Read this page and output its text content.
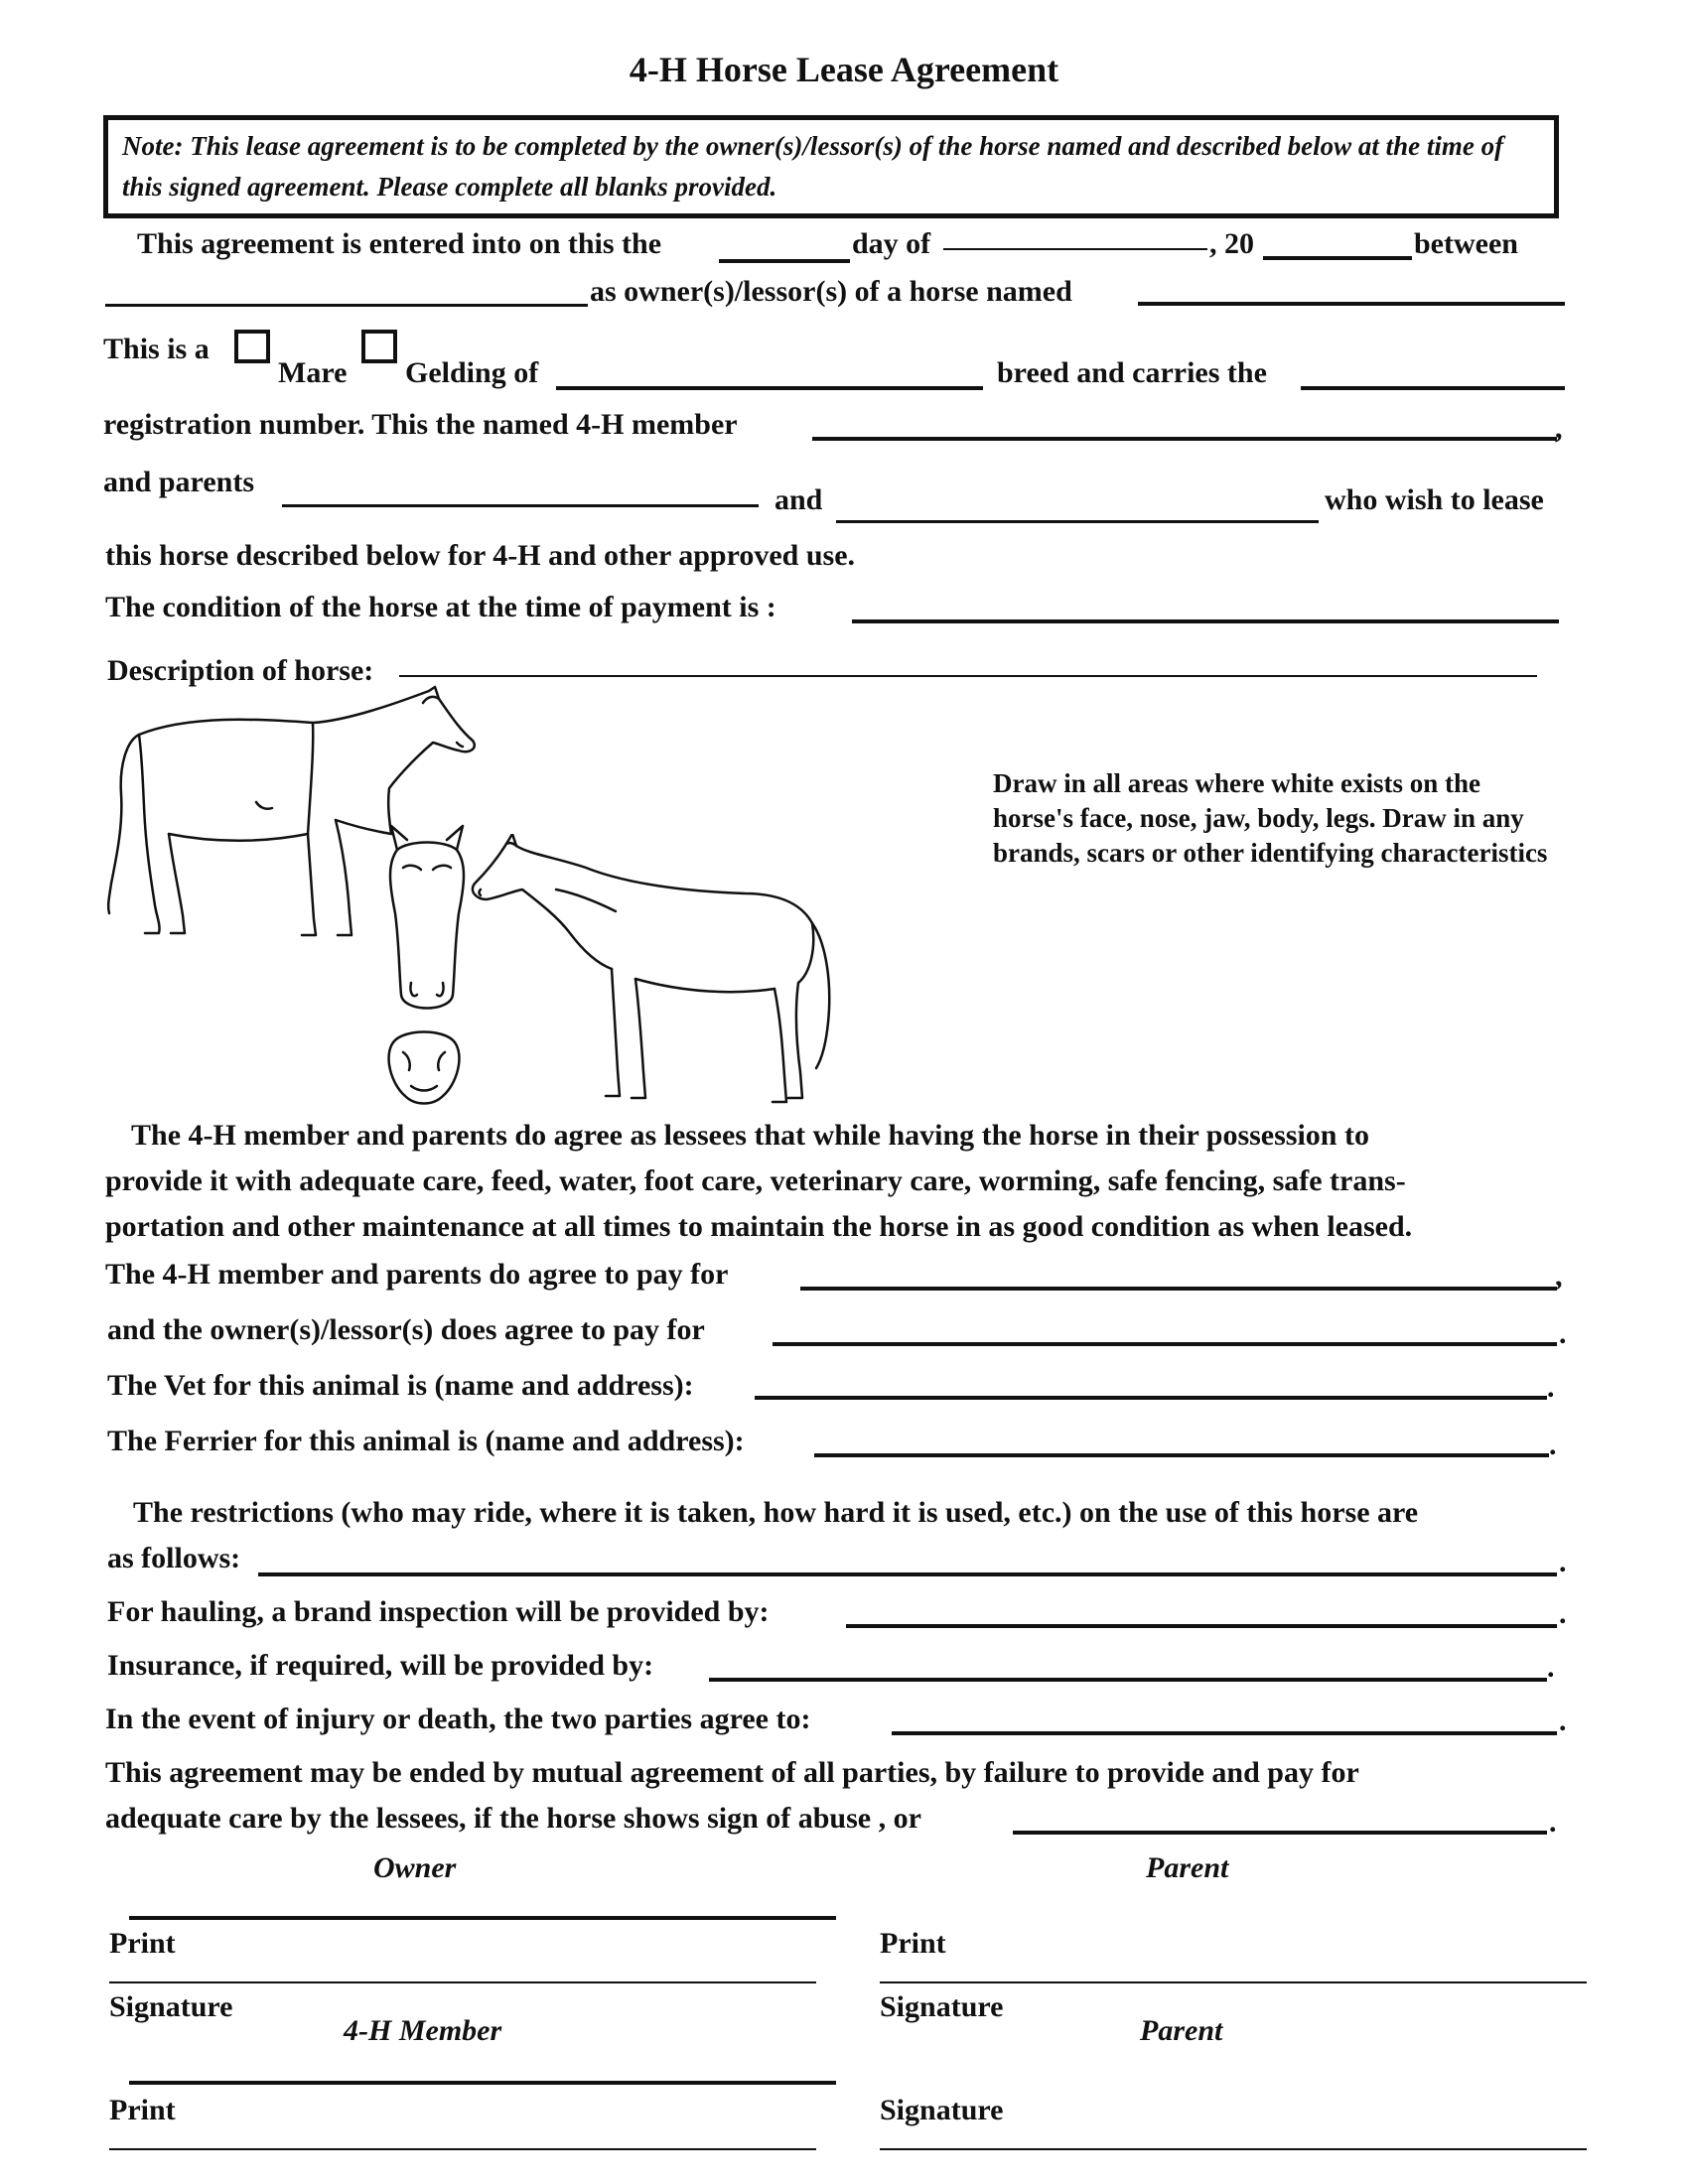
4-H Horse Lease Agreement
Note: This lease agreement is to be completed by the owner(s)/lessor(s) of the horse named and described below at the time of this signed agreement. Please complete all blanks provided.
This agreement is entered into on this the	day of	, 20	between
as owner(s)/lessor(s) of a horse named
This is a
Mare Gelding of	breed and carries the
registration number. This the named 4-H member	,
and parents
and	who wish to lease
this horse described below for 4-H and other approved use.
The condition of the horse at the time of payment is :
Description of horse:
Draw in all areas where white exists on the horse's face, nose, jaw, body, legs. Draw in any brands, scars or other identifying characteristics
The 4-H member and parents do agree as lessees that while having the horse in their possession to
provide it with adequate care, feed, water, foot care, veterinary care, worming, safe fencing, safe trans-
portation and other maintenance at all times to maintain the horse in as good condition as when leased.
The 4-H member and parents do agree to pay for	,
and the owner(s)/lessor(s) does agree to pay for	.
The Vet for this animal is (name and address):	.
The Ferrier for this animal is (name and address):	.
The restrictions (who may ride, where it is taken, how hard it is used, etc.) on the use of this horse are
as follows:	.
For hauling, a brand inspection will be provided by:	.
Insurance, if required, will be provided by:	.
In the event of injury or death, the two parties agree to:	.
This agreement may be ended by mutual agreement of all parties, by failure to provide and pay for
adequate care by the lessees, if the horse shows sign of abuse , or	.
Owner	Parent
Print	Print
Signature	Signature
4-H Member	Parent
Print	Signature
